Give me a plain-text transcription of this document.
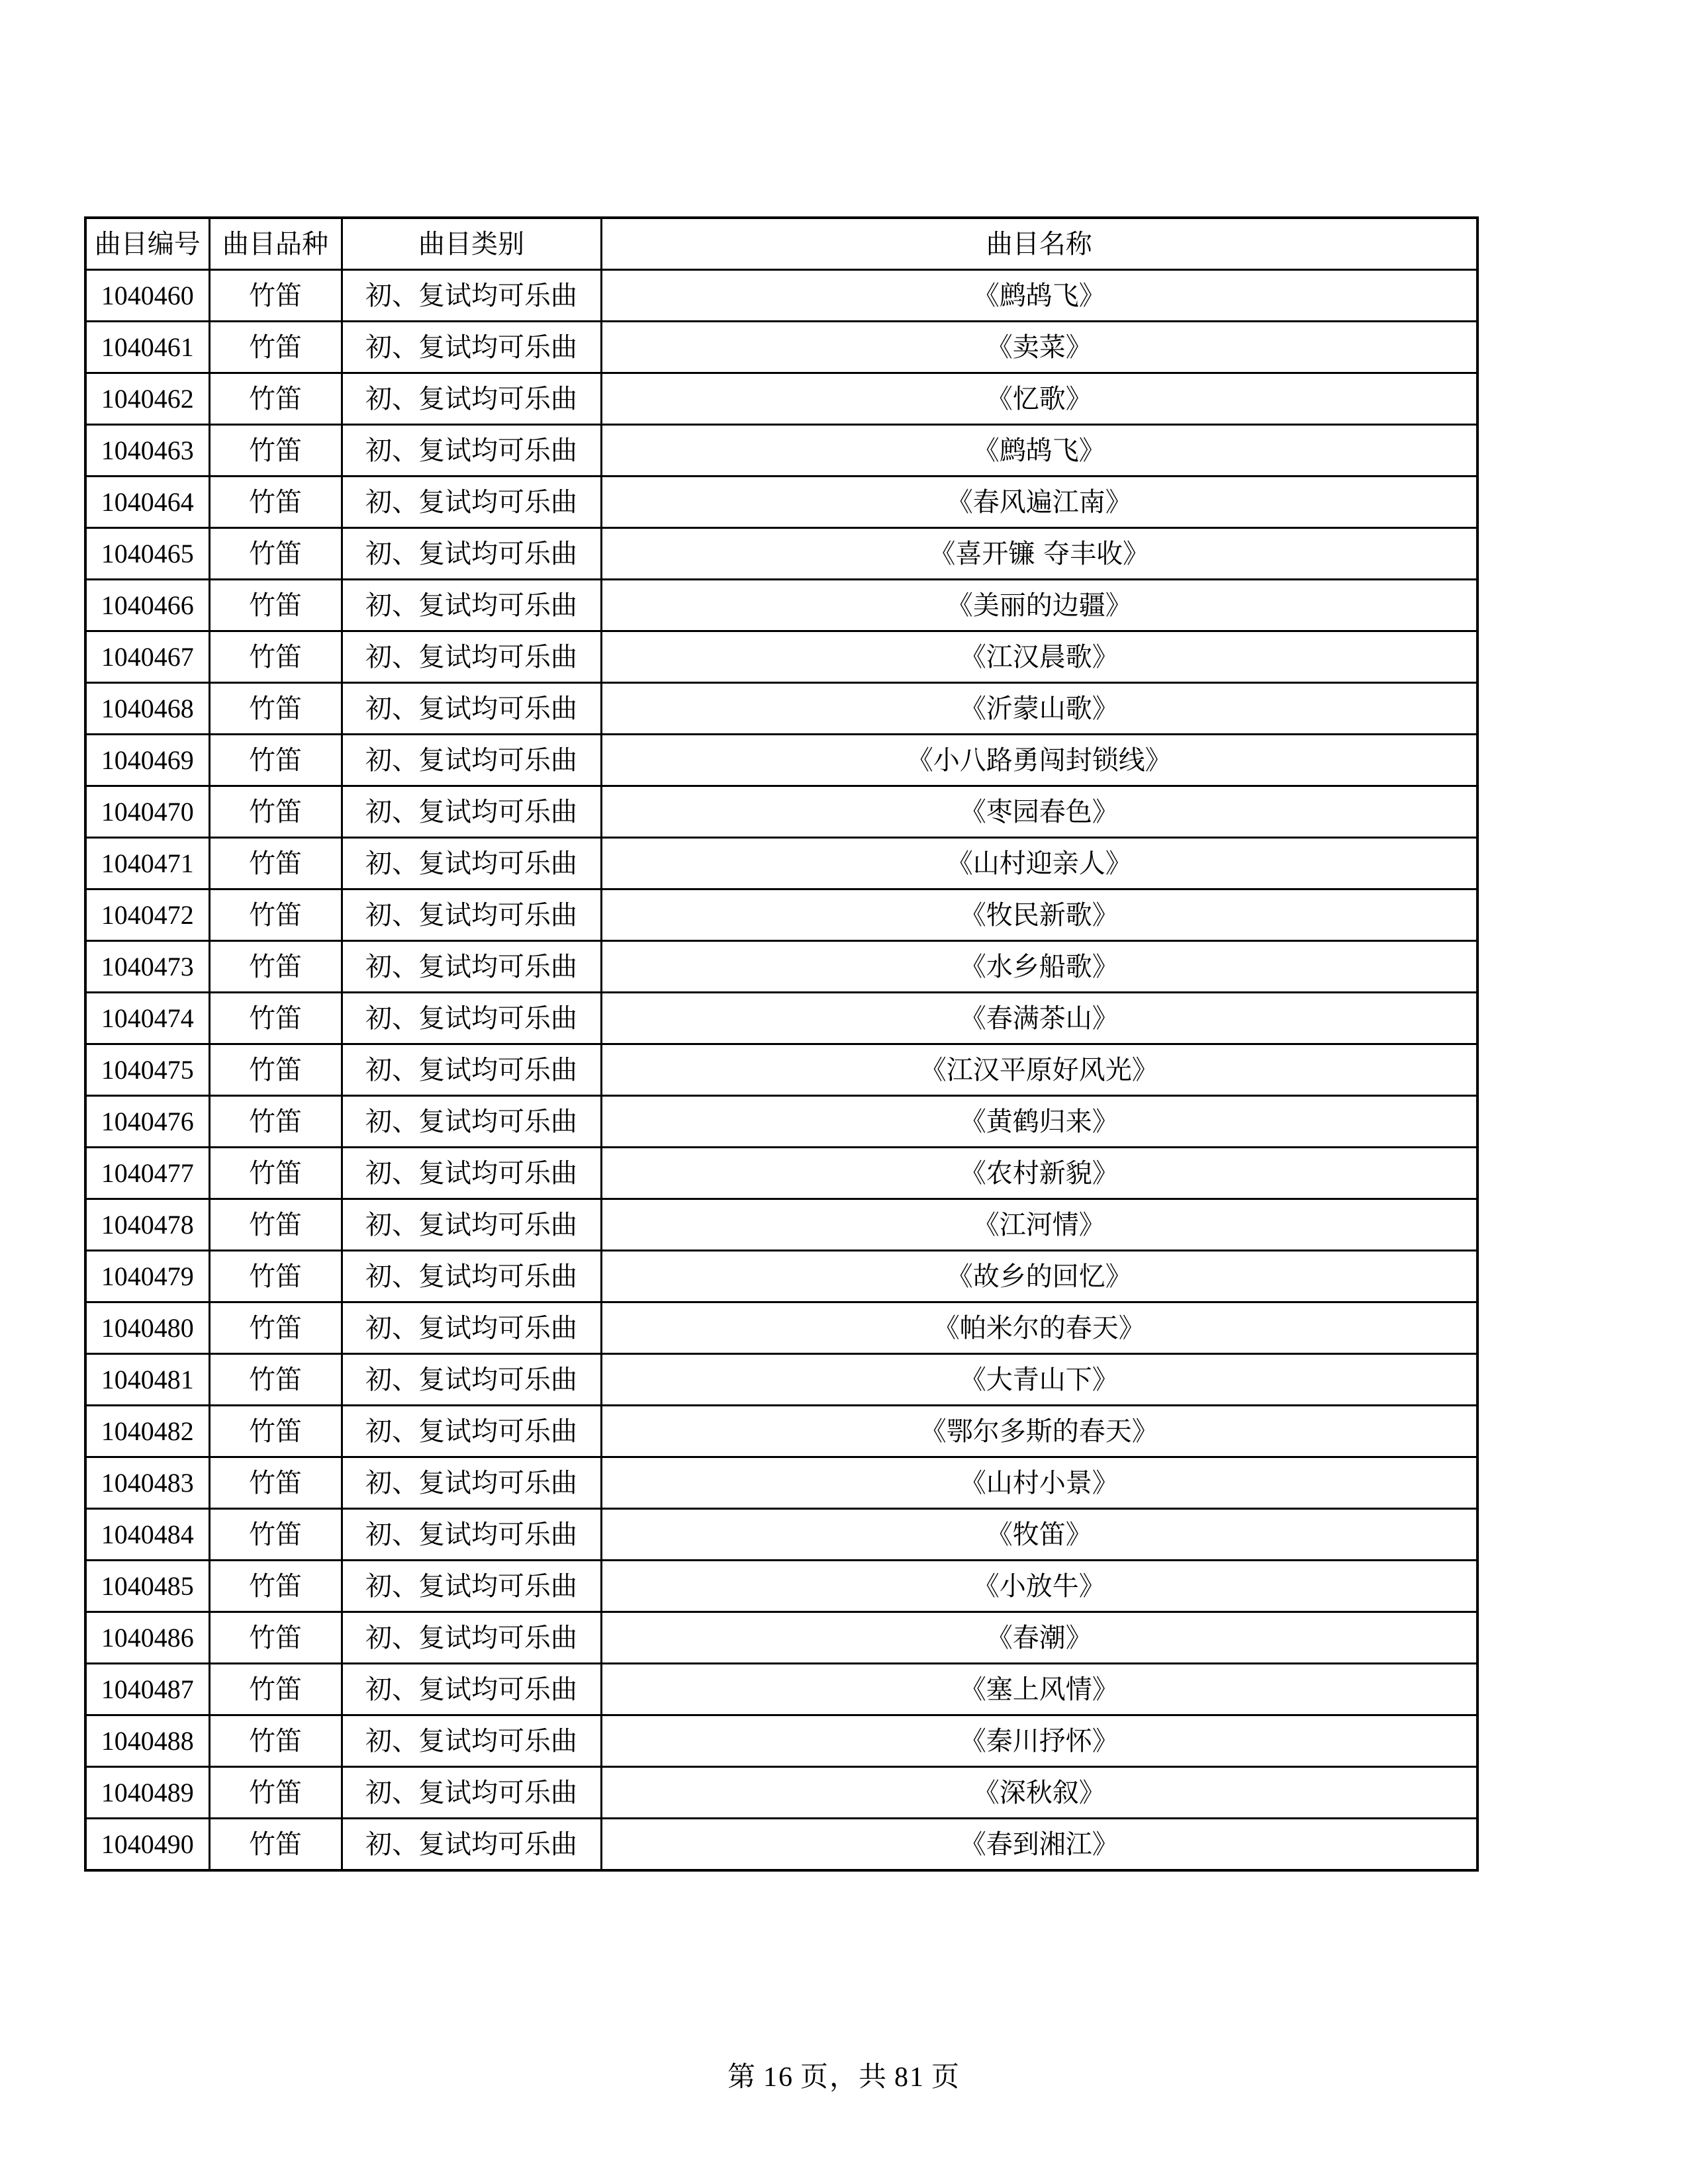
曲目编号	曲目品种	曲目类别	曲目名称
1040460	竹笛	初、复试均可乐曲	《鹧鸪飞》
1040461	竹笛	初、复试均可乐曲	《卖菜》
1040462	竹笛	初、复试均可乐曲	《忆歌》
1040463	竹笛	初、复试均可乐曲	《鹧鸪飞》
1040464	竹笛	初、复试均可乐曲	《春风遍江南》
1040465	竹笛	初、复试均可乐曲	《喜开镰 夺丰收》
1040466	竹笛	初、复试均可乐曲	《美丽的边疆》
1040467	竹笛	初、复试均可乐曲	《江汉晨歌》
1040468	竹笛	初、复试均可乐曲	《沂蒙山歌》
1040469	竹笛	初、复试均可乐曲	《小八路勇闯封锁线》
1040470	竹笛	初、复试均可乐曲	《枣园春色》
1040471	竹笛	初、复试均可乐曲	《山村迎亲人》
1040472	竹笛	初、复试均可乐曲	《牧民新歌》
1040473	竹笛	初、复试均可乐曲	《水乡船歌》
1040474	竹笛	初、复试均可乐曲	《春满茶山》
1040475	竹笛	初、复试均可乐曲	《江汉平原好风光》
1040476	竹笛	初、复试均可乐曲	《黄鹤归来》
1040477	竹笛	初、复试均可乐曲	《农村新貌》
1040478	竹笛	初、复试均可乐曲	《江河情》
1040479	竹笛	初、复试均可乐曲	《故乡的回忆》
1040480	竹笛	初、复试均可乐曲	《帕米尔的春天》
1040481	竹笛	初、复试均可乐曲	《大青山下》
1040482	竹笛	初、复试均可乐曲	《鄂尔多斯的春天》
1040483	竹笛	初、复试均可乐曲	《山村小景》
1040484	竹笛	初、复试均可乐曲	《牧笛》
1040485	竹笛	初、复试均可乐曲	《小放牛》
1040486	竹笛	初、复试均可乐曲	《春潮》
1040487	竹笛	初、复试均可乐曲	《塞上风情》
1040488	竹笛	初、复试均可乐曲	《秦川抒怀》
1040489	竹笛	初、复试均可乐曲	《深秋叙》
1040490	竹笛	初、复试均可乐曲	《春到湘江》
第 16 页，共 81 页
